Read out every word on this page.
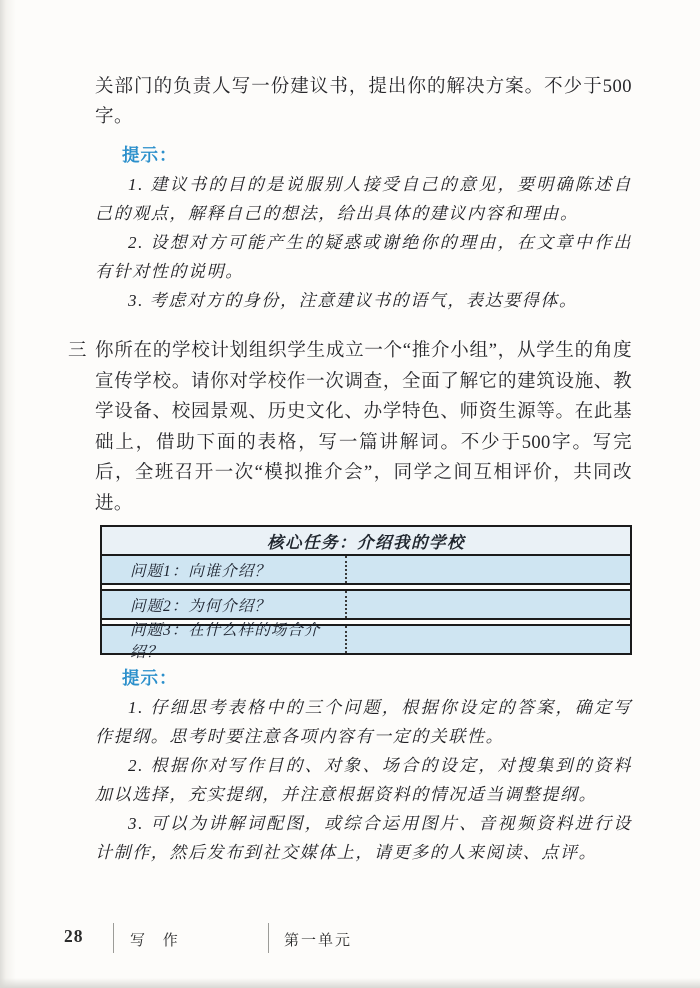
关部门的负责人写一份建议书，提出你的解决方案。不少于500字。

提示：

1. 建议书的目的是说服别人接受自己的意见，要明确陈述自己的观点，解释自己的想法，给出具体的建议内容和理由。

2. 设想对方可能产生的疑惑或谢绝你的理由，在文章中作出有针对性的说明。

3. 考虑对方的身份，注意建议书的语气，表达要得体。

三 你所在的学校计划组织学生成立一个“推介小组”，从学生的角度宣传学校。请你对学校作一次调查，全面了解它的建筑设施、教学设备、校园景观、历史文化、办学特色、师资生源等。在此基础上，借助下面的表格，写一篇讲解词。不少于500字。写完后，全班召开一次“模拟推介会”，同学之间互相评价，共同改进。

核心任务：介绍我的学校
问题1：向谁介绍？
问题2：为何介绍？
问题3：在什么样的场合介绍？

提示：

1. 仔细思考表格中的三个问题，根据你设定的答案，确定写作提纲。思考时要注意各项内容有一定的关联性。

2. 根据你对写作目的、对象、场合的设定，对搜集到的资料加以选择，充实提纲，并注意根据资料的情况适当调整提纲。

3. 可以为讲解词配图，或综合运用图片、音视频资料进行设计制作，然后发布到社交媒体上，请更多的人来阅读、点评。

28	写 作	第一单元
